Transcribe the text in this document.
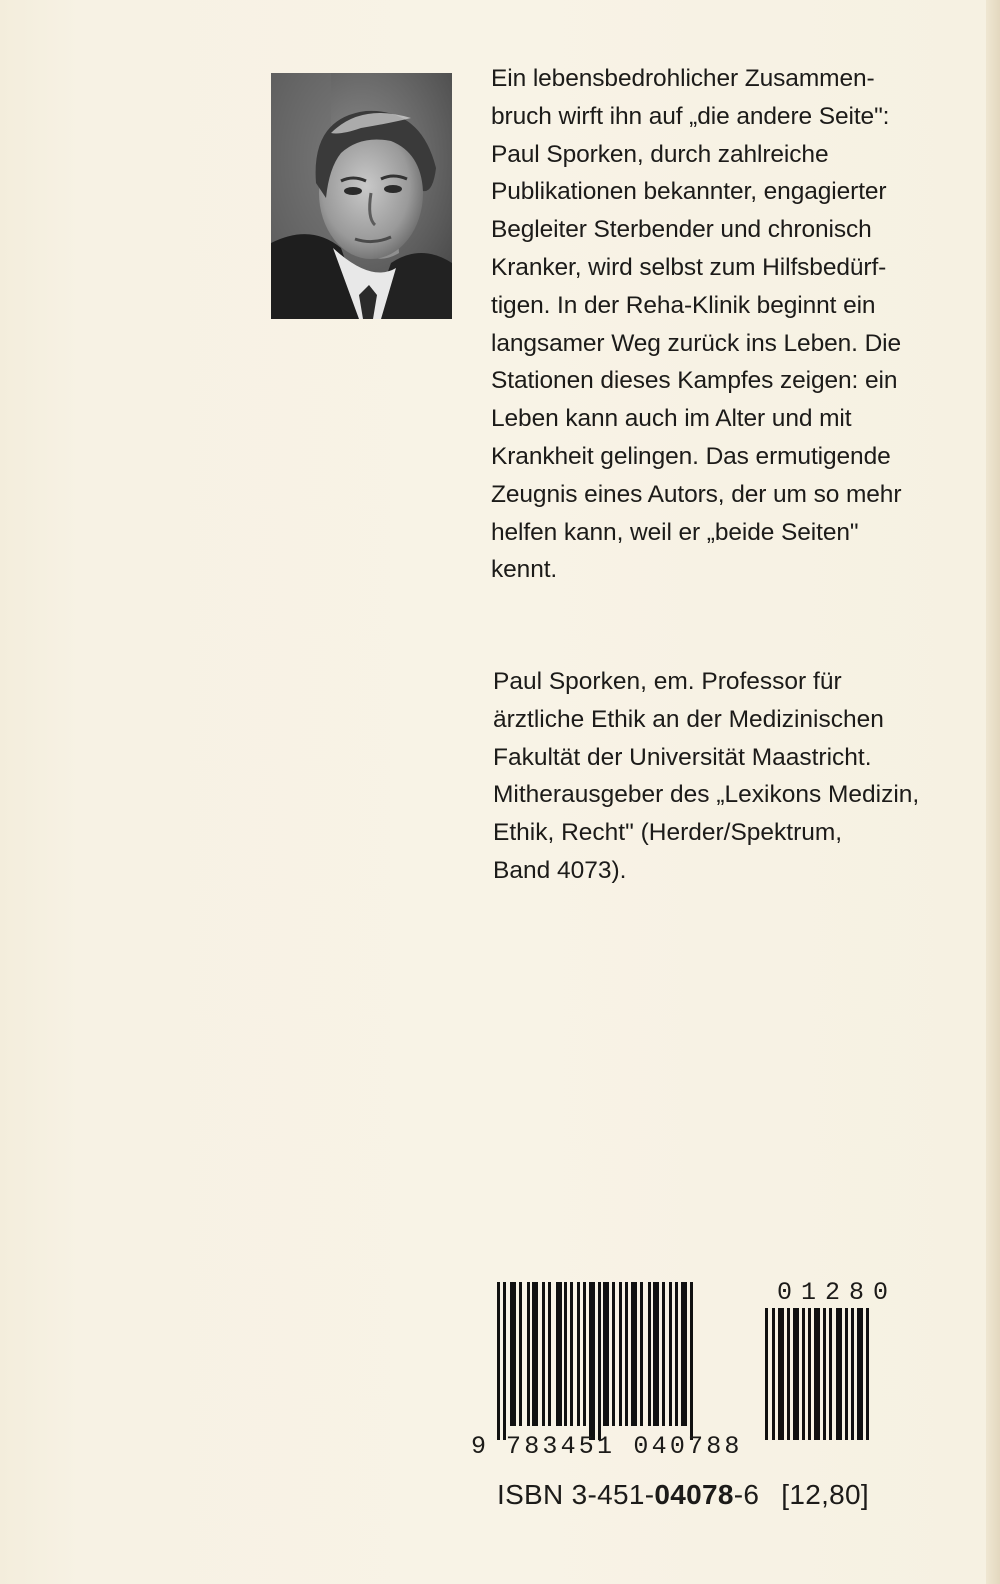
Ein lebensbedrohlicher Zusammen-
bruch wirft ihn auf „die andere Seite":
Paul Sporken, durch zahlreiche
Publikationen bekannter, engagierter
Begleiter Sterbender und chronisch
Kranker, wird selbst zum Hilfsbedürf-
tigen. In der Reha-Klinik beginnt ein
langsamer Weg zurück ins Leben. Die
Stationen dieses Kampfes zeigen: ein
Leben kann auch im Alter und mit
Krankheit gelingen. Das ermutigende
Zeugnis eines Autors, der um so mehr
helfen kann, weil er „beide Seiten"
kennt.
Paul Sporken, em. Professor für
ärztliche Ethik an der Medizinischen
Fakultät der Universität Maastricht.
Mitherausgeber des „Lexikons Medizin,
Ethik, Recht" (Herder/Spektrum,
Band 4073).
9 783451 040788
01280
ISBN 3-451-04078-6 [12,80]
